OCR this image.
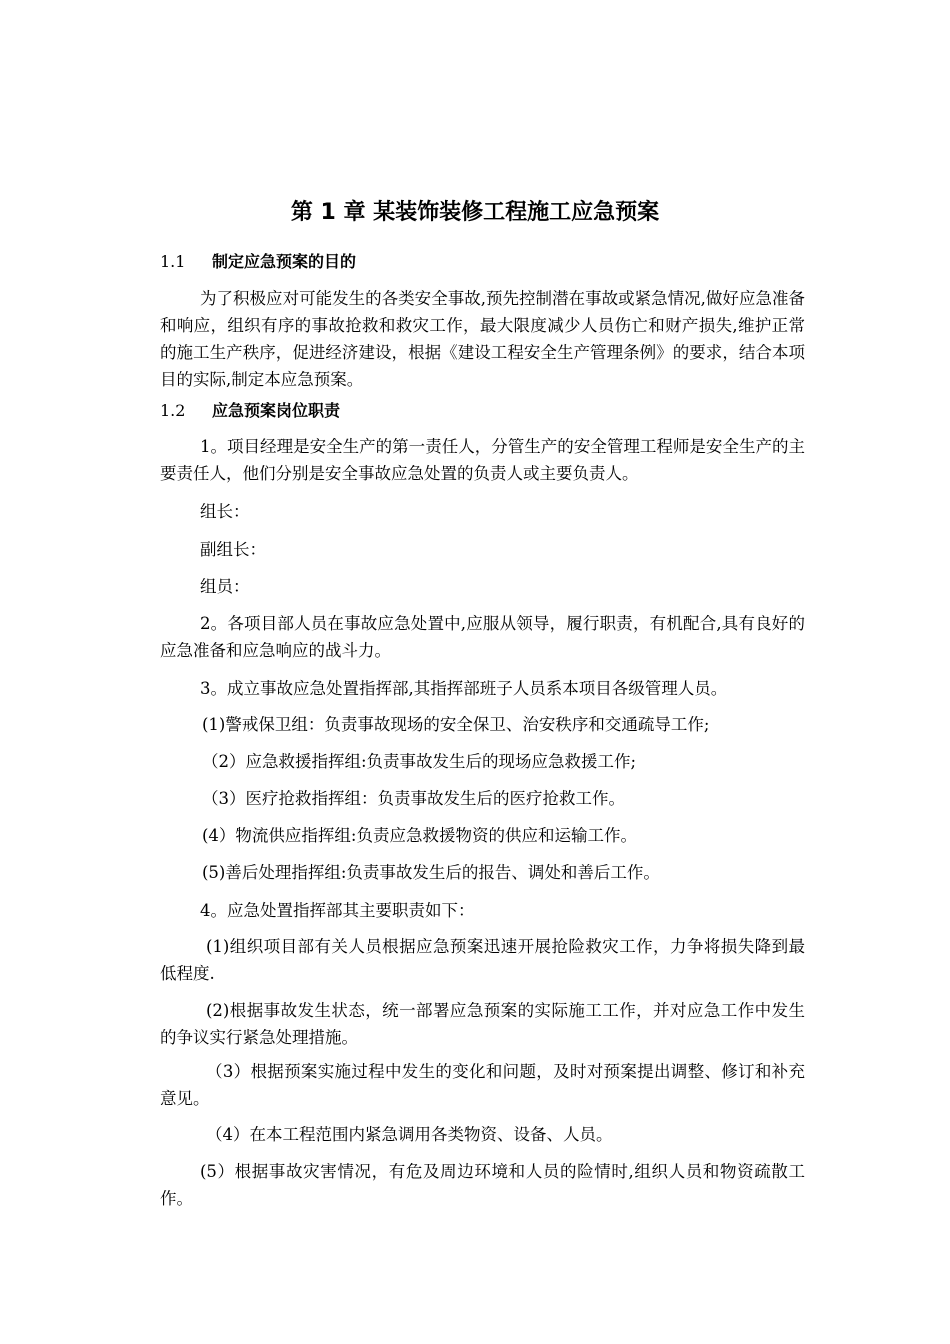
第 1 章 某装饰装修工程施工应急预案
1.1 制定应急预案的目的
为了积极应对可能发生的各类安全事故,预先控制潜在事故或紧急情况,做好应急准备和响应，组织有序的事故抢救和救灾工作，最大限度减少人员伤亡和财产损失,维护正常的施工生产秩序，促进经济建设，根据《建设工程安全生产管理条例》的要求，结合本项目的实际,制定本应急预案。
1.2 应急预案岗位职责
1。项目经理是安全生产的第一责任人，分管生产的安全管理工程师是安全生产的主要责任人，他们分别是安全事故应急处置的负责人或主要负责人。
组长：
副组长：
组员：
2。各项目部人员在事故应急处置中,应服从领导，履行职责，有机配合,具有良好的应急准备和应急响应的战斗力。
3。成立事故应急处置指挥部,其指挥部班子人员系本项目各级管理人员。
(1)警戒保卫组：负责事故现场的安全保卫、治安秩序和交通疏导工作;
（2）应急救援指挥组:负责事故发生后的现场应急救援工作;
（3）医疗抢救指挥组：负责事故发生后的医疗抢救工作。
(4）物流供应指挥组:负责应急救援物资的供应和运输工作。
(5)善后处理指挥组:负责事故发生后的报告、调处和善后工作。
4。应急处置指挥部其主要职责如下：
(1)组织项目部有关人员根据应急预案迅速开展抢险救灾工作，力争将损失降到最低程度.
(2)根据事故发生状态，统一部署应急预案的实际施工工作，并对应急工作中发生的争议实行紧急处理措施。
（3）根据预案实施过程中发生的变化和问题，及时对预案提出调整、修订和补充意见。
（4）在本工程范围内紧急调用各类物资、设备、人员。
(5）根据事故灾害情况，有危及周边环境和人员的险情时,组织人员和物资疏散工作。
